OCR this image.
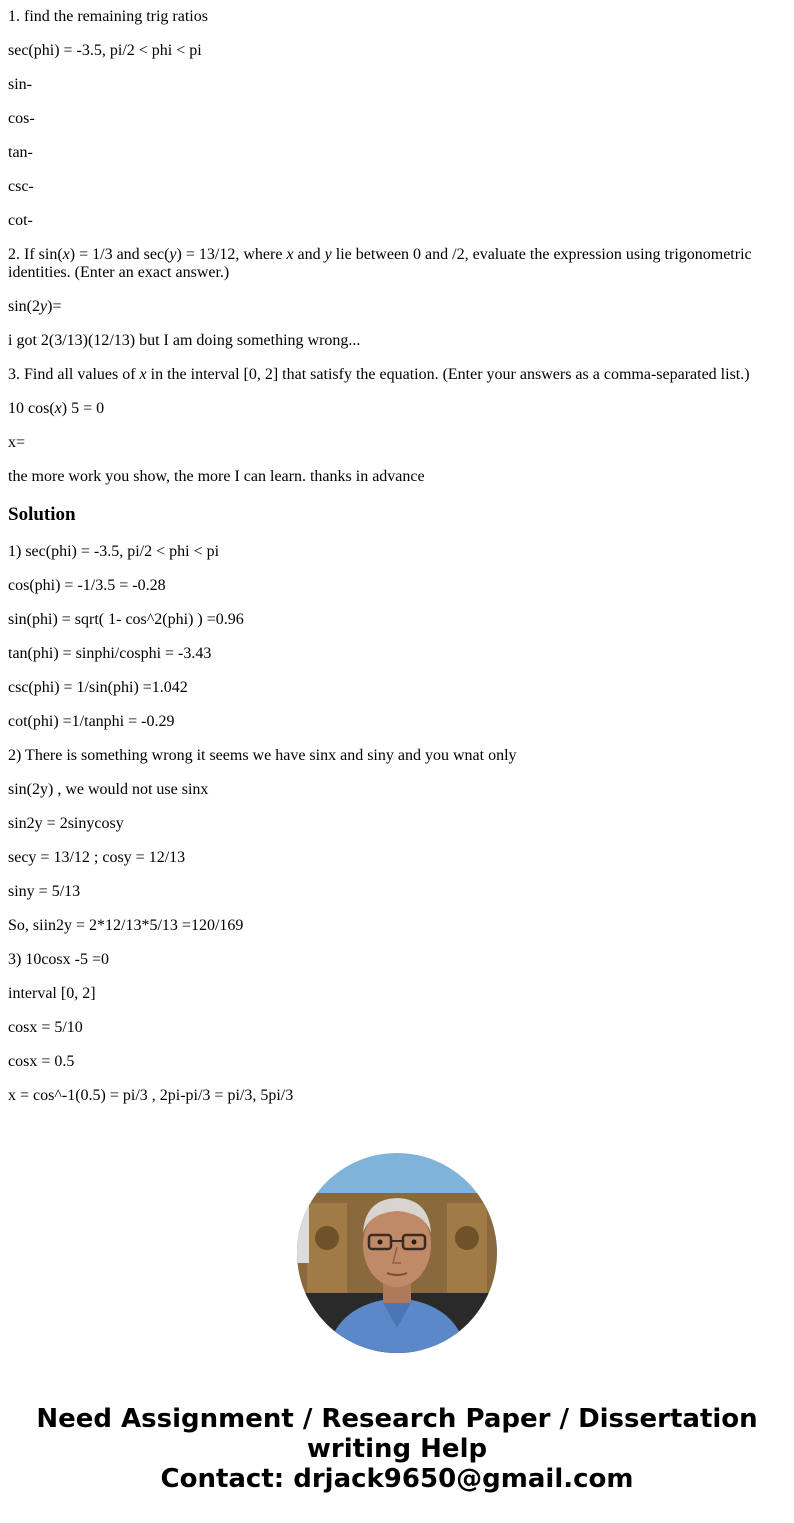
1. find the remaining trig ratios

sec(phi) = -3.5, pi/2 < phi < pi

sin-

cos-

tan-

csc-

cot-

2. If sin(x) = 1/3 and sec(y) = 13/12, where x and y lie between 0 and /2, evaluate the expression using trigonometric identities. (Enter an exact answer.)

sin(2y)=

i got 2(3/13)(12/13) but I am doing something wrong...

3. Find all values of x in the interval [0, 2] that satisfy the equation. (Enter your answers as a comma-separated list.)

10 cos(x) 5 = 0

x=

the more work you show, the more I can learn. thanks in advance

Solution

1) sec(phi) = -3.5, pi/2 < phi < pi

cos(phi) = -1/3.5 = -0.28

sin(phi) = sqrt( 1- cos^2(phi) ) =0.96

tan(phi) = sinphi/cosphi = -3.43

csc(phi) = 1/sin(phi) =1.042

cot(phi) =1/tanphi = -0.29

2) There is something wrong it seems we have sinx and siny and you wnat only

sin(2y) , we would not use sinx

sin2y = 2sinycosy

secy = 13/12 ; cosy = 12/13

siny = 5/13

So, siin2y = 2*12/13*5/13 =120/169

3) 10cosx -5 =0

interval [0, 2]

cosx = 5/10

cosx = 0.5

x = cos^-1(0.5) = pi/3 , 2pi-pi/3 = pi/3, 5pi/3

Need Assignment / Research Paper / Dissertation
writing Help
Contact: drjack9650@gmail.com
